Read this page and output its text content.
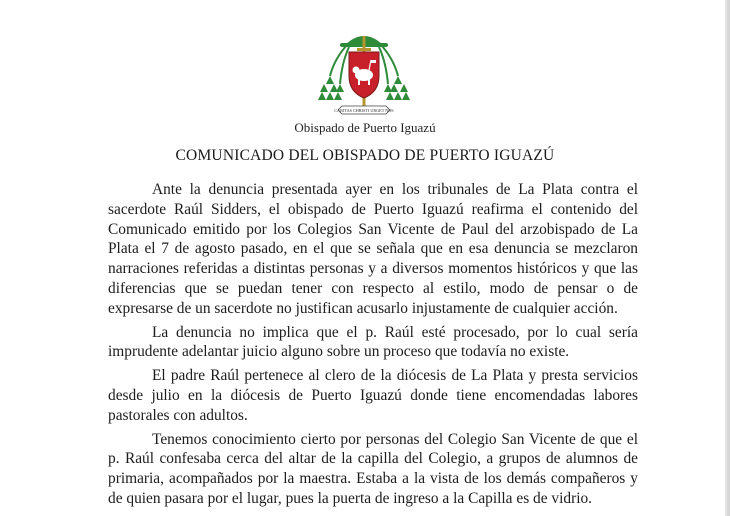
CARITAS CHRISTI URGET NOS
Obispado de Puerto Iguazú
COMUNICADO DEL OBISPADO DE PUERTO IGUAZÚ

Ante la denuncia presentada ayer en los tribunales de La Plata contra el sacerdote Raúl Sidders, el obispado de Puerto Iguazú reafirma el contenido del Comunicado emitido por los Colegios San Vicente de Paul del arzobispado de La Plata el 7 de agosto pasado, en el que se señala que en esa denuncia se mezclaron narraciones referidas a distintas personas y a diversos momentos históricos y que las diferencias que se puedan tener con respecto al estilo, modo de pensar o de expresarse de un sacerdote no justifican acusarlo injustamente de cualquier acción.

La denuncia no implica que el p. Raúl esté procesado, por lo cual sería imprudente adelantar juicio alguno sobre un proceso que todavía no existe.

El padre Raúl pertenece al clero de la diócesis de La Plata y presta servicios desde julio en la diócesis de Puerto Iguazú donde tiene encomendadas labores pastorales con adultos.

Tenemos conocimiento cierto por personas del Colegio San Vicente de que el p. Raúl confesaba cerca del altar de la capilla del Colegio, a grupos de alumnos de primaria, acompañados por la maestra. Estaba a la vista de los demás compañeros y de quien pasara por el lugar, pues la puerta de ingreso a la Capilla es de vidrio.
